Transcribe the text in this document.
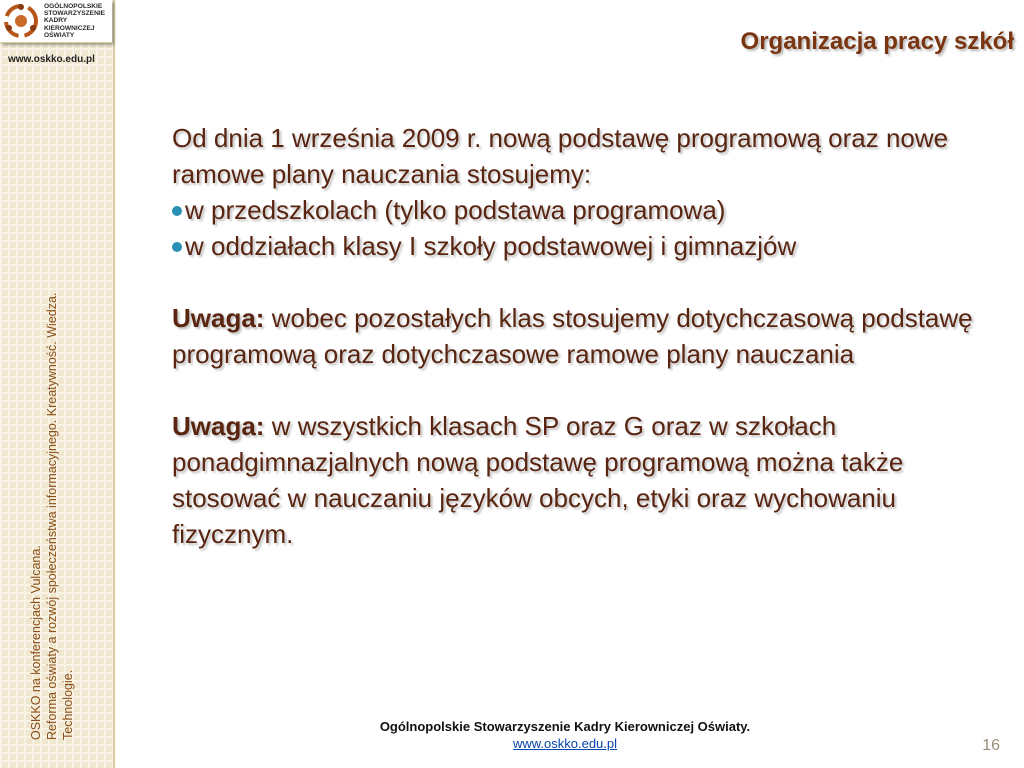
OGÓLNOPOLSKIE
STOWARZYSZENIE
KADRY
KIEROWNICZEJ
OŚWIATY
www.oskko.edu.pl
OSKKO na konferencjach Vulcana. Reforma oświaty a rozwój społeczeństwa informacyjnego. Kreatywność. Wiedza. Technologie.
Organizacja pracy szkół

Od dnia 1 września 2009 r. nową podstawę programową oraz nowe ramowe plany nauczania stosujemy:

w przedszkolach (tylko podstawa programowa)
w oddziałach klasy I szkoły podstawowej i gimnazjów

Uwaga: wobec pozostałych klas stosujemy dotychczasową podstawę programową oraz dotychczasowe ramowe plany nauczania

Uwaga: w wszystkich klasach SP oraz G oraz w szkołach ponadgimnazjalnych nową podstawę programową można także stosować w nauczaniu języków obcych, etyki oraz wychowaniu fizycznym.

Ogólnopolskie Stowarzyszenie Kadry Kierowniczej Oświaty.
www.oskko.edu.pl	16
